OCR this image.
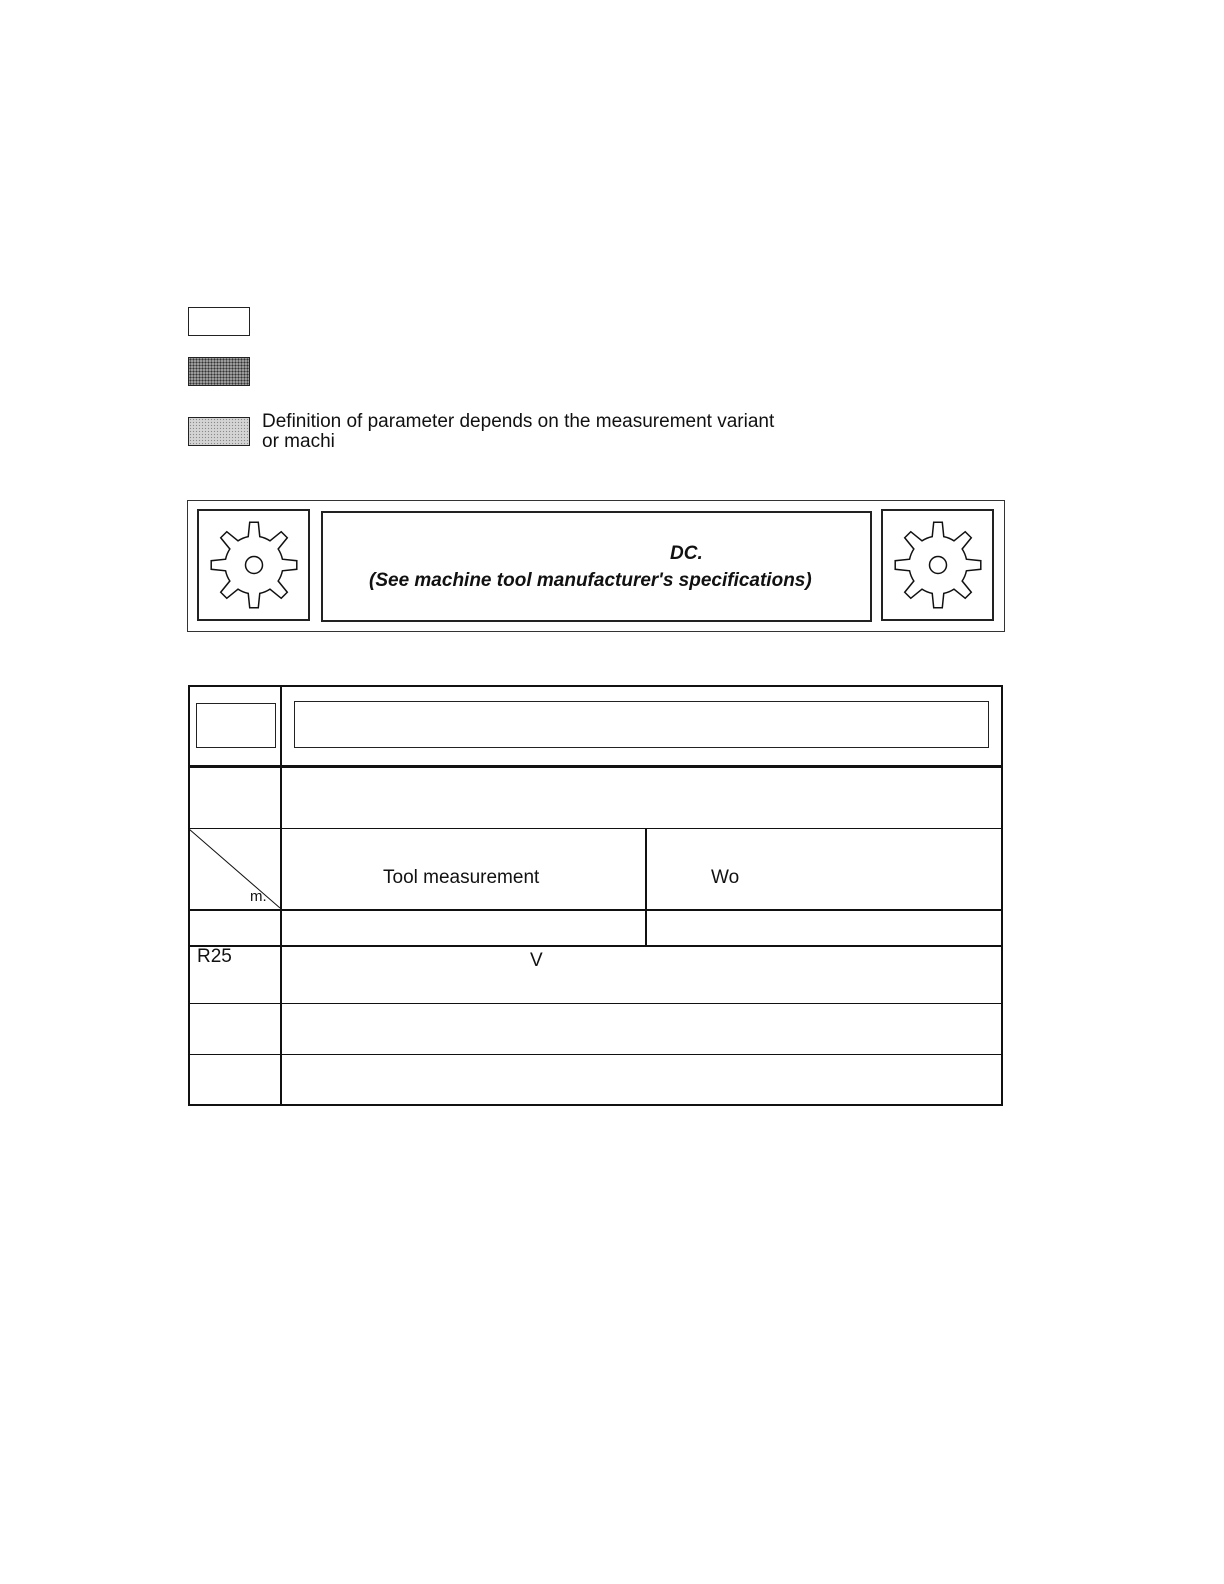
Definition of parameter depends on the measurement variant
or machi
DC.
(See machine tool manufacturer's specifications)
m.
Tool measurement	Wo
R25	V
